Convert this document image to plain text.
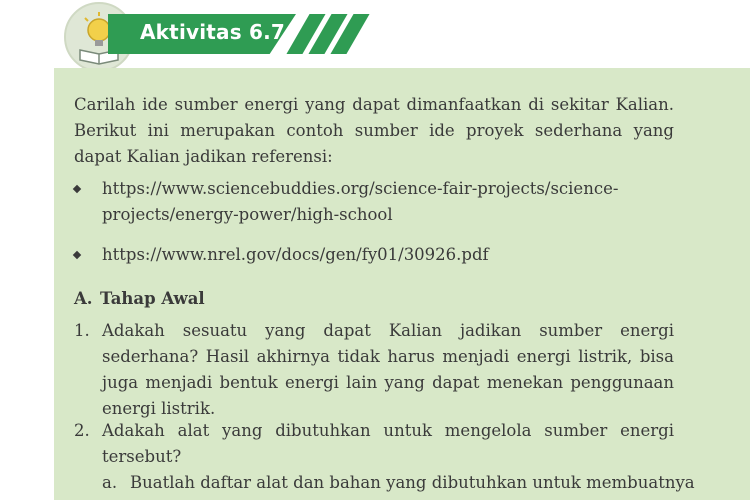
Aktivitas 6.7
Carilah ide sumber energi yang dapat dimanfaatkan di sekitar Kalian. Berikut ini merupakan contoh sumber ide proyek sederhana yang dapat Kalian jadikan referensi:
https://www.sciencebuddies.org/science-fair-projects/science-projects/energy-power/high-school
https://www.nrel.gov/docs/gen/fy01/30926.pdf
A. Tahap Awal
1. Adakah sesuatu yang dapat Kalian jadikan sumber energi sederhana? Hasil akhirnya tidak harus menjadi energi listrik, bisa juga menjadi bentuk energi lain yang dapat menekan penggunaan energi listrik.
2. Adakah alat yang dibutuhkan untuk mengelola sumber energi tersebut?
a. Buatlah daftar alat dan bahan yang dibutuhkan untuk membuatnya
